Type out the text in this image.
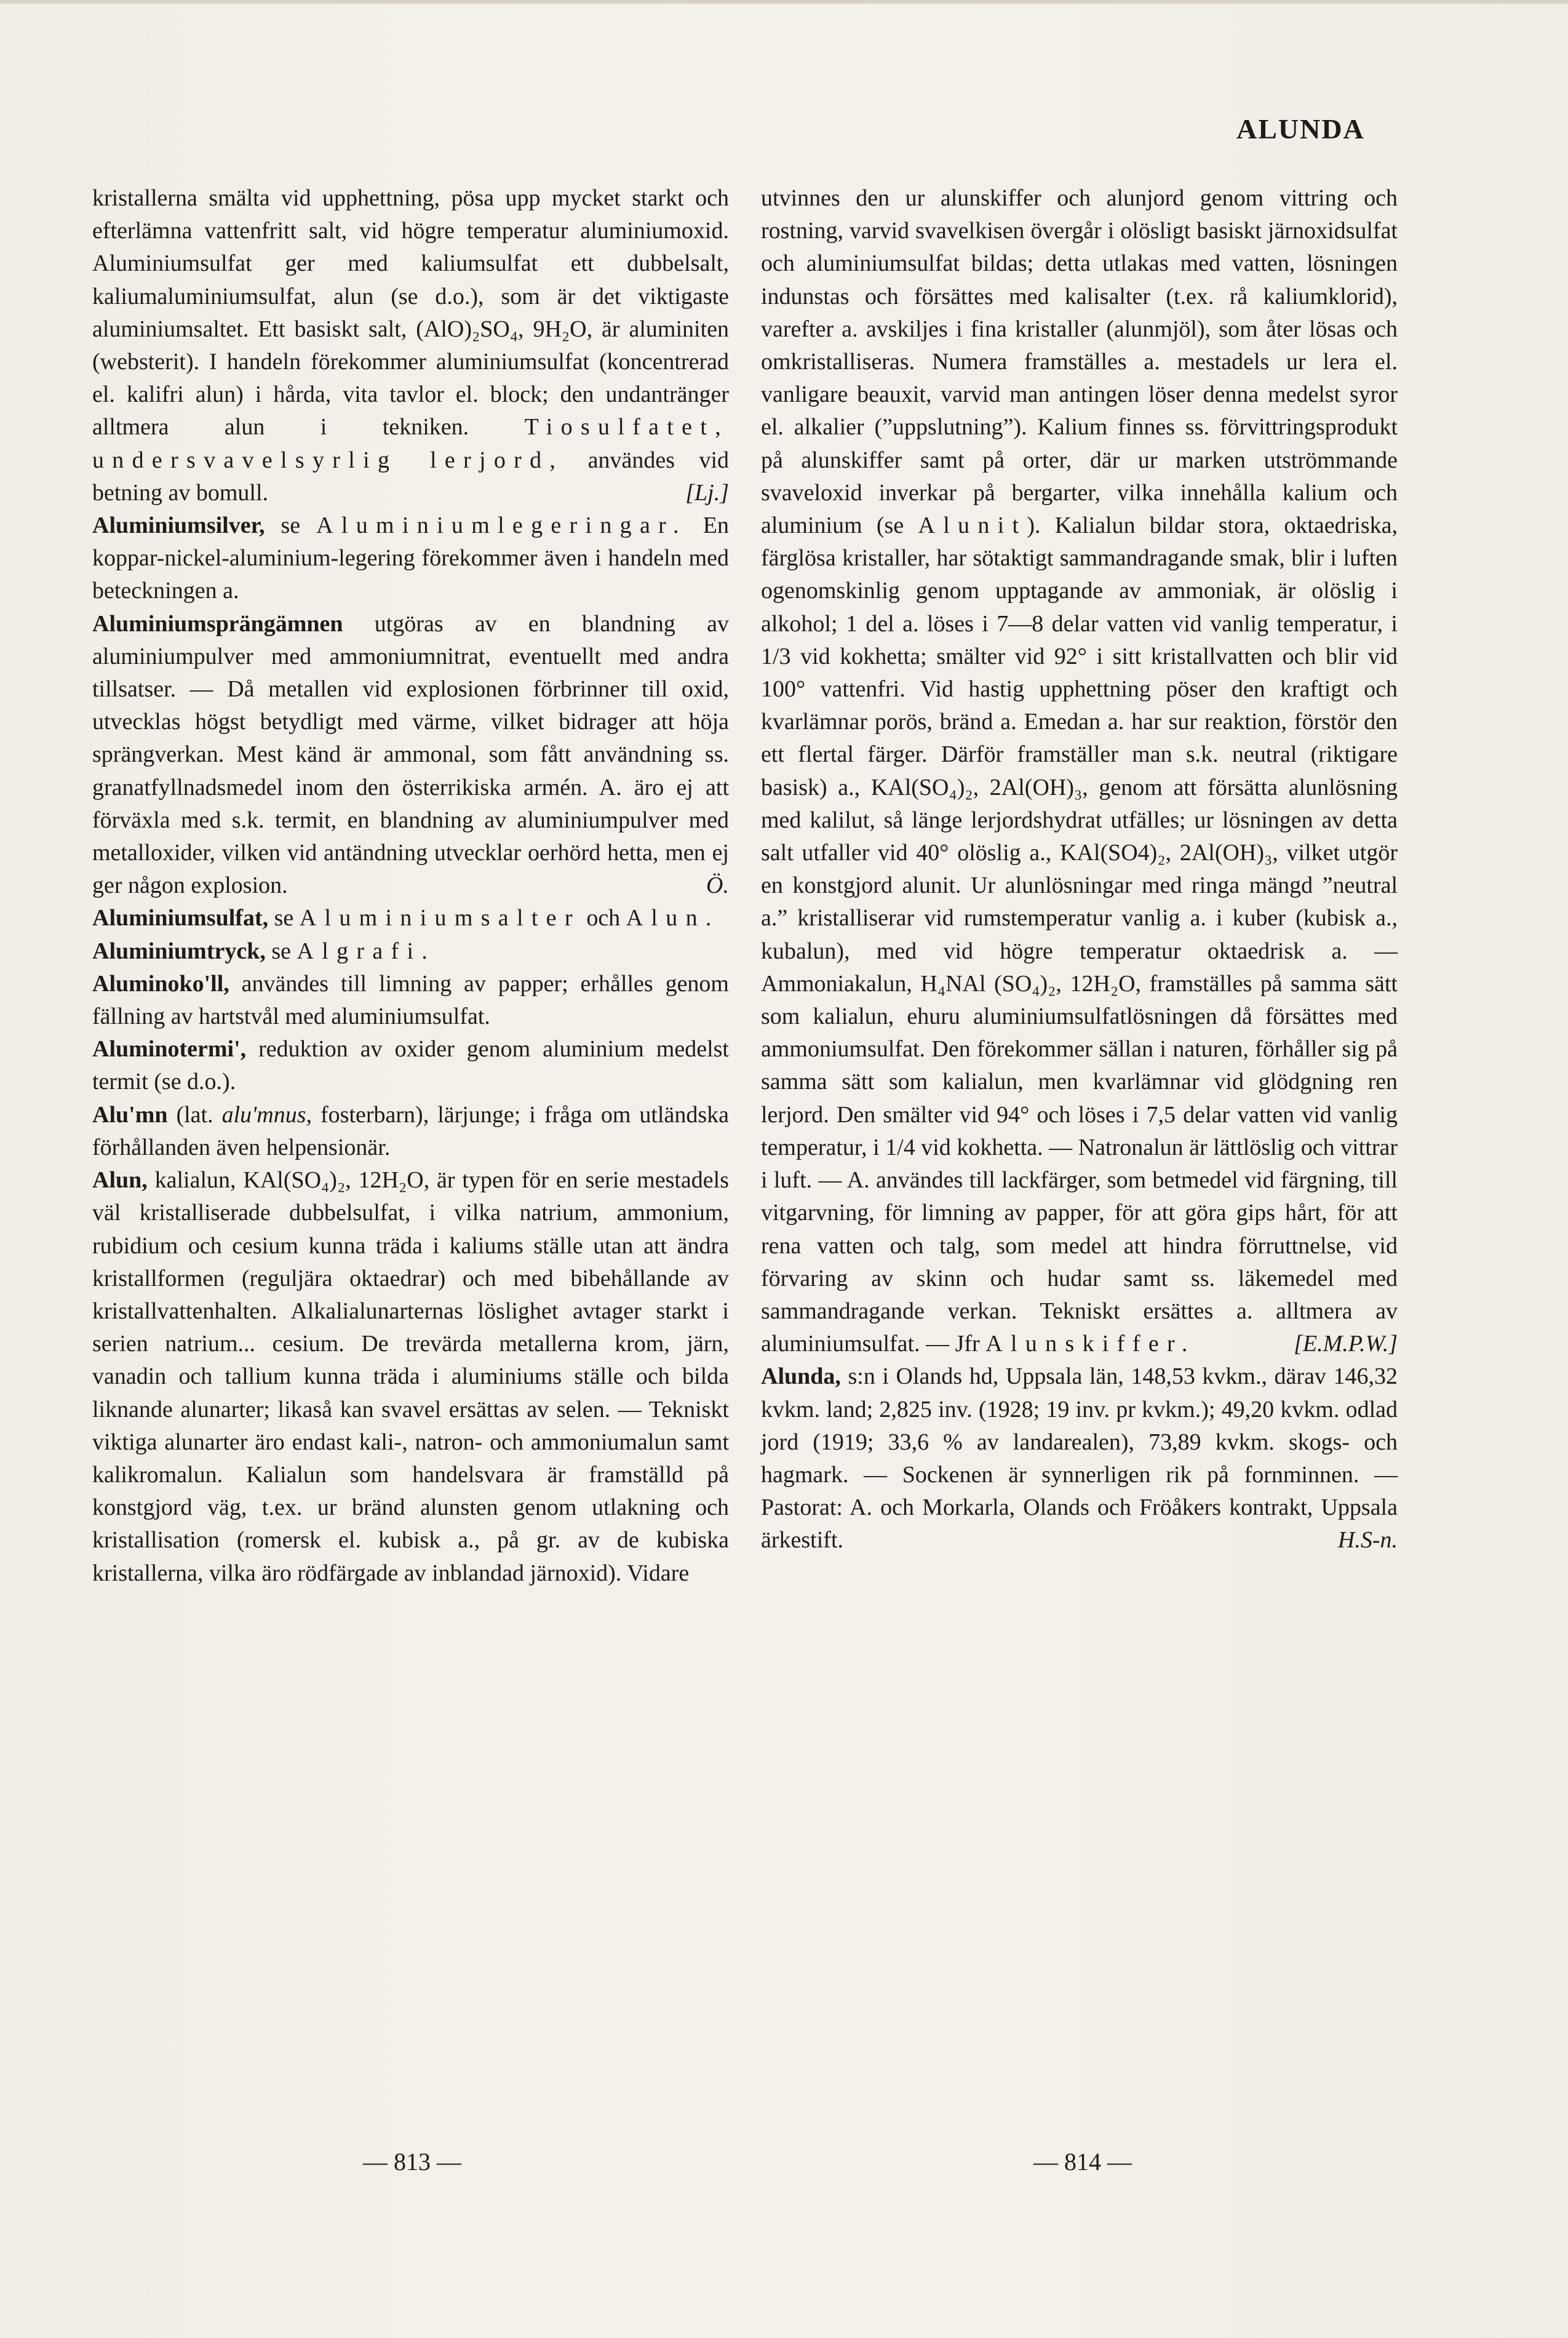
ALUNDA

kristallerna smälta vid upphettning, pösa upp mycket starkt och efterlämna vattenfritt salt, vid högre temperatur aluminiumoxid. Aluminiumsulfat ger med kaliumsulfat ett dubbelsalt, kaliumaluminiumsulfat, alun (se d.o.), som är det viktigaste aluminiumsaltet. Ett basiskt salt, (AlO)₂SO₄, 9H₂O, är aluminiten (websterit). I handeln förekommer aluminiumsulfat (koncentrerad el. kalifri alun) i hårda, vita tavlor el. block; den undantränger alltmera alun i tekniken. Tiosulfatet, undersvavelsyrlig lerjord, användes vid betning av bomull.	[Lj.]

Aluminiumsilver, se Aluminiumlegeringar. En koppar-nickel-aluminium-legering förekommer även i handeln med beteckningen a.

Aluminiumsprängämnen utgöras av en blandning av aluminiumpulver med ammoniumnitrat, eventuellt med andra tillsatser. — Då metallen vid explosionen förbrinner till oxid, utvecklas högst betydligt med värme, vilket bidrager att höja sprängverkan. Mest känd är ammonal, som fått användning ss. granatfyllnadsmedel inom den österrikiska armén. A. äro ej att förväxla med s.k. termit, en blandning av aluminiumpulver med metalloxider, vilken vid antändning utvecklar oerhörd hetta, men ej ger någon explosion.	Ö.

Aluminiumsulfat, se Aluminiumsalter och Alun.

Aluminiumtryck, se Algrafi.

Aluminoko'll, användes till limning av papper; erhålles genom fällning av hartstvål med aluminiumsulfat.

Aluminotermi', reduktion av oxider genom aluminium medelst termit (se d.o.).

Alu'mn (lat. alu'mnus, fosterbarn), lärjunge; i fråga om utländska förhållanden även helpensionär.

Alun, kalialun, KAl(SO₄)₂, 12H₂O, är typen för en serie mestadels väl kristalliserade dubbelsulfat, i vilka natrium, ammonium, rubidium och cesium kunna träda i kaliums ställe utan att ändra kristallformen (reguljära oktaedrar) och med bibehållande av kristallvattenhalten. Alkalialunarternas löslighet avtager starkt i serien natrium... cesium. De trevärda metallerna krom, järn, vanadin och tallium kunna träda i aluminiums ställe och bilda liknande alunarter; likaså kan svavel ersättas av selen. — Tekniskt viktiga alunarter äro endast kali-, natron- och ammoniumalun samt kalikromalun. Kalialun som handelsvara är framställd på konstgjord väg, t.ex. ur bränd alunsten genom utlakning och kristallisation (romersk el. kubisk a., på gr. av de kubiska kristallerna, vilka äro rödfärgade av inblandad järnoxid). Vidare

utvinnes den ur alunskiffer och alunjord genom vittring och rostning, varvid svavelkisen övergår i olösligt basiskt järnoxidsulfat och aluminiumsulfat bildas; detta utlakas med vatten, lösningen indunstas och försättes med kalisalter (t.ex. rå kaliumklorid), varefter a. avskiljes i fina kristaller (alunmjöl), som åter lösas och omkristalliseras. Numera framställes a. mestadels ur lera el. vanligare beauxit, varvid man antingen löser denna medelst syror el. alkalier (”uppslutning”). Kalium finnes ss. förvittringsprodukt på alunskiffer samt på orter, där ur marken utströmmande svaveloxid inverkar på bergarter, vilka innehålla kalium och aluminium (se Alunit). Kalialun bildar stora, oktaedriska, färglösa kristaller, har sötaktigt sammandragande smak, blir i luften ogenomskinlig genom upptagande av ammoniak, är olöslig i alkohol; 1 del a. löses i 7—8 delar vatten vid vanlig temperatur, i 1/3 vid kokhetta; smälter vid 92° i sitt kristallvatten och blir vid 100° vattenfri. Vid hastig upphettning pöser den kraftigt och kvarlämnar porös, bränd a. Emedan a. har sur reaktion, förstör den ett flertal färger. Därför framställer man s.k. neutral (riktigare basisk) a., KAl(SO₄)₂, 2Al(OH)₃, genom att försätta alunlösning med kalilut, så länge lerjordshydrat utfälles; ur lösningen av detta salt utfaller vid 40° olöslig a., KAl(SO4)₂, 2Al(OH)₃, vilket utgör en konstgjord alunit. Ur alunlösningar med ringa mängd ”neutral a.” kristalliserar vid rumstemperatur vanlig a. i kuber (kubisk a., kubalun), med vid högre temperatur oktaedrisk a. — Ammoniakalun, H₄NAl (SO₄)₂, 12H₂O, framställes på samma sätt som kalialun, ehuru aluminiumsulfatlösningen då försättes med ammoniumsulfat. Den förekommer sällan i naturen, förhåller sig på samma sätt som kalialun, men kvarlämnar vid glödgning ren lerjord. Den smälter vid 94° och löses i 7,5 delar vatten vid vanlig temperatur, i 1/4 vid kokhetta. — Natronalun är lättlöslig och vittrar i luft. — A. användes till lackfärger, som betmedel vid färgning, till vitgarvning, för limning av papper, för att göra gips hårt, för att rena vatten och talg, som medel att hindra förruttnelse, vid förvaring av skinn och hudar samt ss. läkemedel med sammandragande verkan. Tekniskt ersättes a. alltmera av aluminiumsulfat. — Jfr Alunskiffer.	[E.M.P.W.]

Alunda, s:n i Olands hd, Uppsala län, 148,53 kvkm., därav 146,32 kvkm. land; 2,825 inv. (1928; 19 inv. pr kvkm.); 49,20 kvkm. odlad jord (1919; 33,6 % av landarealen), 73,89 kvkm. skogs- och hagmark. — Sockenen är synnerligen rik på fornminnen. — Pastorat: A. och Morkarla, Olands och Fröåkers kontrakt, Uppsala ärkestift.	H.S-n.

— 813 —	— 814 —
